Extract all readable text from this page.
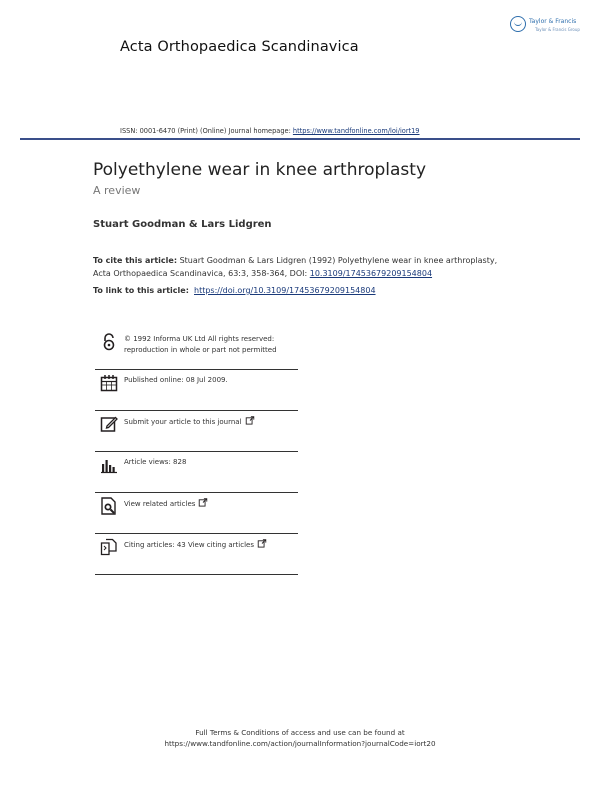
Acta Orthopaedica Scandinavica
Taylor & Francis
Taylor & Francis Group
ISSN: 0001-6470 (Print) (Online) Journal homepage: https://www.tandfonline.com/loi/iort19
Polyethylene wear in knee arthroplasty
A review
Stuart Goodman & Lars Lidgren
To cite this article: Stuart Goodman & Lars Lidgren (1992) Polyethylene wear in knee arthroplasty, Acta Orthopaedica Scandinavica, 63:3, 358-364, DOI: 10.3109/17453679209154804
To link to this article: https://doi.org/10.3109/17453679209154804
© 1992 Informa UK Ltd All rights reserved:
reproduction in whole or part not permitted
Published online: 08 Jul 2009.
Submit your article to this journal
Article views: 828
View related articles
Citing articles: 43 View citing articles
Full Terms & Conditions of access and use can be found at
https://www.tandfonline.com/action/journalInformation?journalCode=iort20
